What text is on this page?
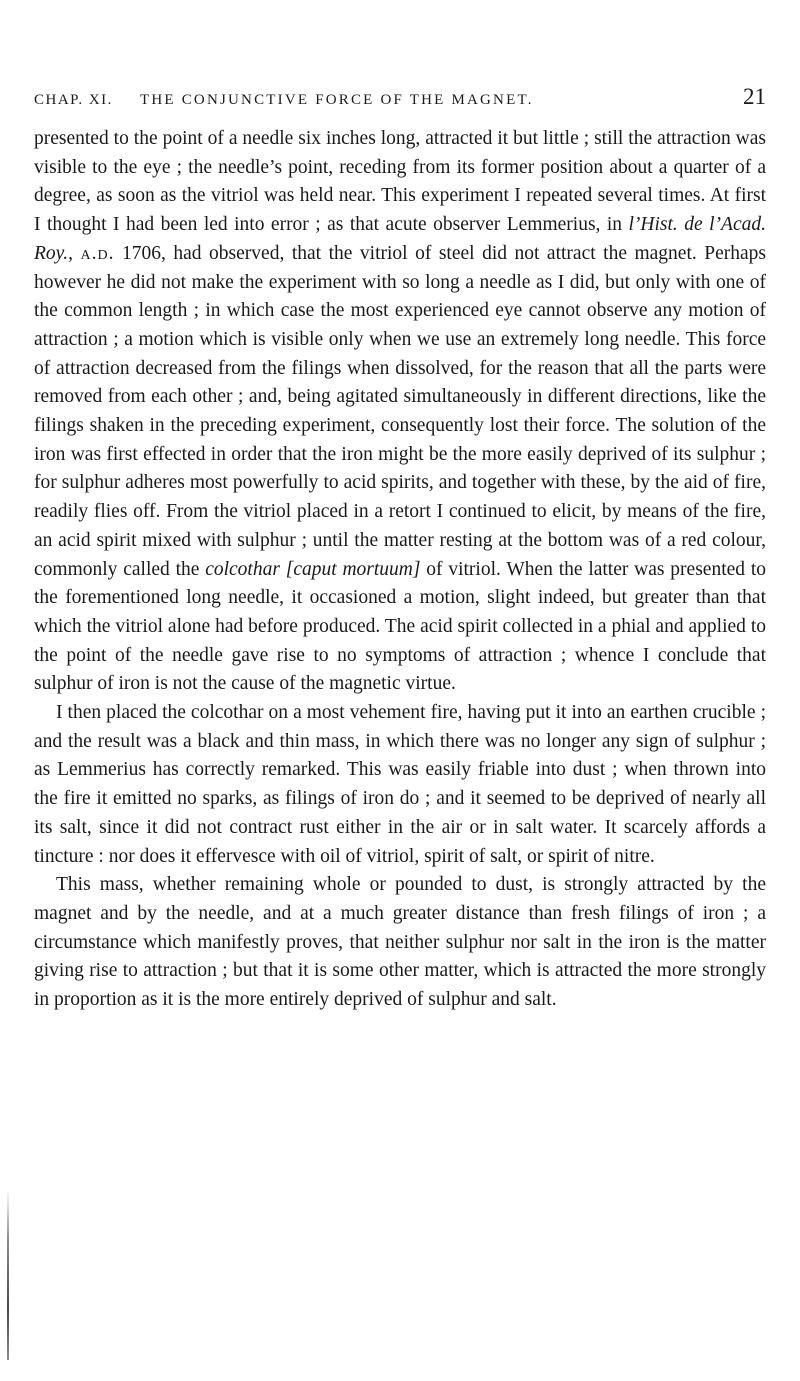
CHAP. XI. THE CONJUNCTIVE FORCE OF THE MAGNET.	21

presented to the point of a needle six inches long, attracted it but little ; still the attraction was visible to the eye ; the needle’s point, receding from its former position about a quarter of a degree, as soon as the vitriol was held near. This experiment I repeated several times. At first I thought I had been led into error ; as that acute observer Lemmerius, in l’Hist. de l’Acad. Roy., a.d. 1706, had observed, that the vitriol of steel did not attract the magnet. Perhaps however he did not make the experiment with so long a needle as I did, but only with one of the common length ; in which case the most experienced eye cannot observe any motion of attraction ; a motion which is visible only when we use an extremely long needle. This force of attraction decreased from the filings when dissolved, for the reason that all the parts were removed from each other ; and, being agitated simultaneously in different directions, like the filings shaken in the preceding experiment, consequently lost their force. The solution of the iron was first effected in order that the iron might be the more easily deprived of its sulphur ; for sulphur adheres most powerfully to acid spirits, and together with these, by the aid of fire, readily flies off. From the vitriol placed in a retort I continued to elicit, by means of the fire, an acid spirit mixed with sulphur ; until the matter resting at the bottom was of a red colour, commonly called the colcothar [caput mortuum] of vitriol. When the latter was presented to the forementioned long needle, it occasioned a motion, slight indeed, but greater than that which the vitriol alone had before produced. The acid spirit collected in a phial and applied to the point of the needle gave rise to no symptoms of attraction ; whence I conclude that sulphur of iron is not the cause of the magnetic virtue.

I then placed the colcothar on a most vehement fire, having put it into an earthen crucible ; and the result was a black and thin mass, in which there was no longer any sign of sulphur ; as Lemmerius has correctly remarked. This was easily friable into dust ; when thrown into the fire it emitted no sparks, as filings of iron do ; and it seemed to be deprived of nearly all its salt, since it did not contract rust either in the air or in salt water. It scarcely affords a tincture : nor does it effervesce with oil of vitriol, spirit of salt, or spirit of nitre.

This mass, whether remaining whole or pounded to dust, is strongly attracted by the magnet and by the needle, and at a much greater distance than fresh filings of iron ; a circumstance which manifestly proves, that neither sulphur nor salt in the iron is the matter giving rise to attraction ; but that it is some other matter, which is attracted the more strongly in proportion as it is the more entirely deprived of sulphur and salt.
